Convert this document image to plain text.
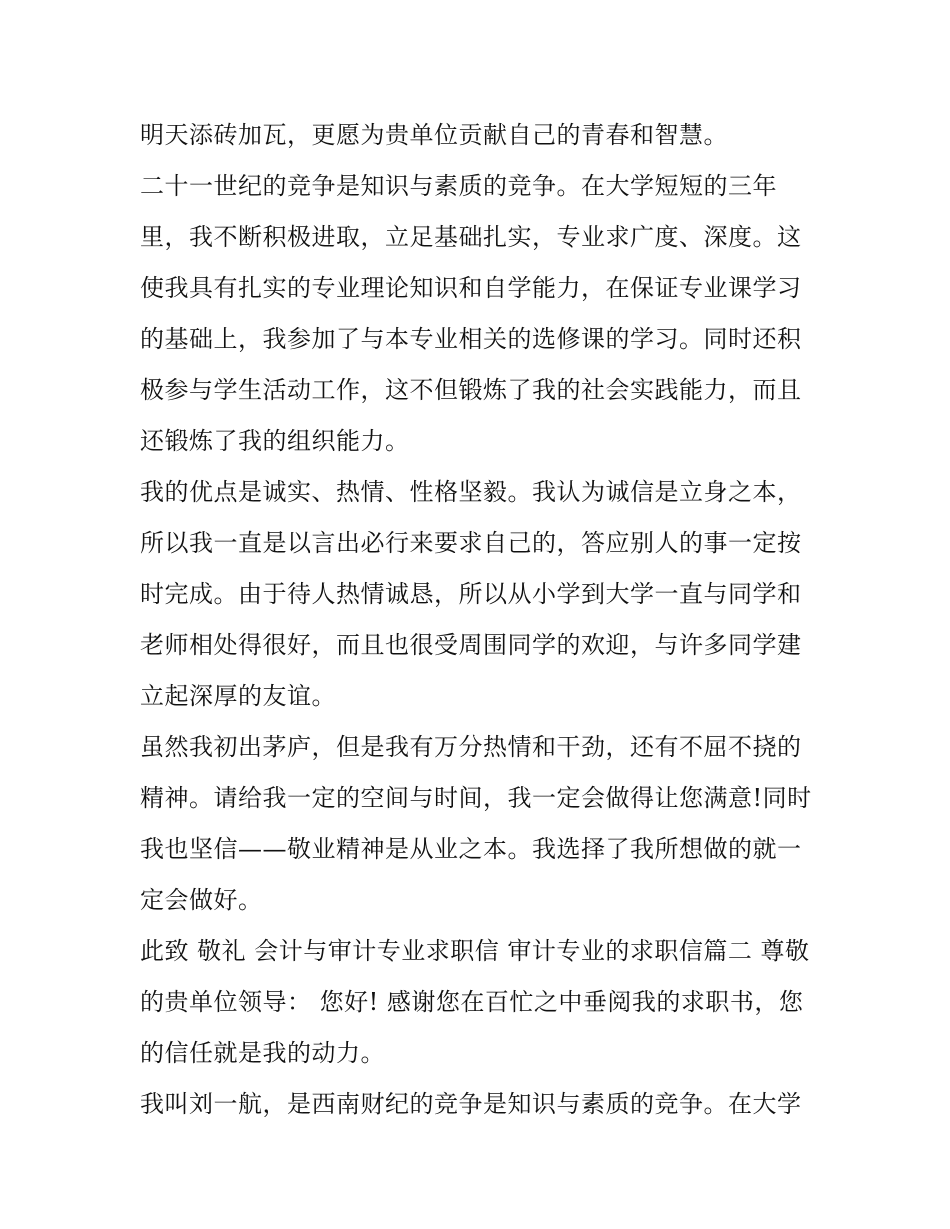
明天添砖加瓦，更愿为贵单位贡献自己的青春和智慧。

二十一世纪的竞争是知识与素质的竞争。在大学短短的三年里，我不断积极进取，立足基础扎实，专业求广度、深度。这使我具有扎实的专业理论知识和自学能力，在保证专业课学习的基础上，我参加了与本专业相关的选修课的学习。同时还积极参与学生活动工作，这不但锻炼了我的社会实践能力，而且还锻炼了我的组织能力。

我的优点是诚实、热情、性格坚毅。我认为诚信是立身之本，所以我一直是以言出必行来要求自己的，答应别人的事一定按时完成。由于待人热情诚恳，所以从小学到大学一直与同学和老师相处得很好，而且也很受周围同学的欢迎，与许多同学建立起深厚的友谊。

虽然我初出茅庐，但是我有万分热情和干劲，还有不屈不挠的精神。请给我一定的空间与时间，我一定会做得让您满意!同时我也坚信——敬业精神是从业之本。我选择了我所想做的就一定会做好。

此致 敬礼 会计与审计专业求职信 审计专业的求职信篇二 尊敬的贵单位领导： 您好! 感谢您在百忙之中垂阅我的求职书，您的信任就是我的动力。

我叫刘一航，是西南财纪的竞争是知识与素质的竞争。在大学
